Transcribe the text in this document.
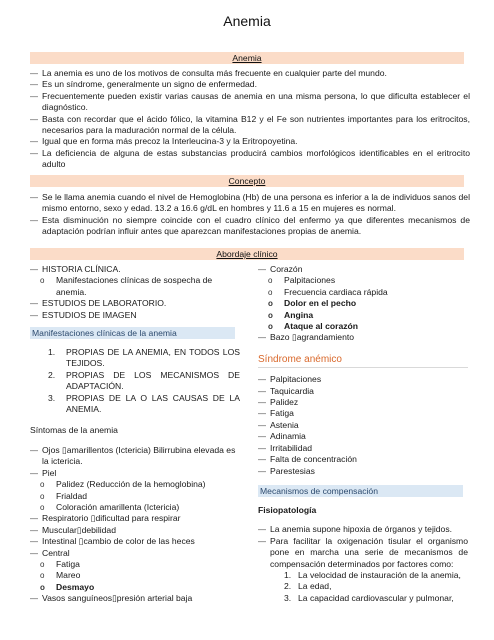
Anemia
Anemia
— La anemia es uno de los motivos de consulta más frecuente en cualquier parte del mundo.
— Es un síndrome, generalmente un signo de enfermedad.
— Frecuentemente pueden existir varias causas de anemia en una misma persona, lo que dificulta establecer el diagnóstico.
— Basta con recordar que el ácido fólico, la vitamina B12 y el Fe son nutrientes importantes para los eritrocitos, necesarios para la maduración normal de la célula.
— Igual que en forma más precoz la Interleucina-3 y la Eritropoyetina.
— La deficiencia de alguna de estas substancias producirá cambios morfológicos identificables en el eritrocito adulto
Concepto
— Se le llama anemia cuando el nivel de Hemoglobina (Hb) de una persona es inferior a la de individuos sanos del mismo entorno, sexo y edad. 13.2 a 16.6 g/dL en hombres y 11.6 a 15 en mujeres es normal.
— Esta disminución no siempre coincide con el cuadro clínico del enfermo ya que diferentes mecanismos de adaptación podrían influir antes que aparezcan manifestaciones propias de anemia.
Abordaje clínico
— HISTORIA CLÍNICA.
o Manifestaciones clínicas de sospecha de anemia.
— ESTUDIOS DE LABORATORIO.
— ESTUDIOS DE IMAGEN
Manifestaciones clínicas de la anemia
1. PROPIAS DE LA ANEMIA, EN TODOS LOS TEJIDOS.
2. PROPIAS DE LOS MECANISMOS DE ADAPTACIÓN.
3. PROPIAS DE LA O LAS CAUSAS DE LA ANEMIA.
Síntomas de la anemia
— Ojos ▯amarillentos (Ictericia) Bilirrubina elevada es la ictericia.
— Piel
o Palidez (Reducción de la hemoglobina)
o Frialdad
o Coloración amarillenta (Ictericia)
— Respiratorio ▯dificultad para respirar
— Muscular▯debilidad
— Intestinal ▯cambio de color de las heces
— Central
o Fatiga
o Mareo
o Desmayo
— Vasos sanguíneos▯presión arterial baja
— Corazón
o Palpitaciones
o Frecuencia cardiaca rápida
o Dolor en el pecho
o Angina
o Ataque al corazón
— Bazo ▯agrandamiento
Síndrome anémico
— Palpitaciones
— Taquicardia
— Palidez
— Fatiga
— Astenia
— Adinamia
— Irritabilidad
— Falta de concentración
— Parestesias
Mecanismos de compensación
Fisiopatología
— La anemia supone hipoxia de órganos y tejidos.
— Para facilitar la oxigenación tisular el organismo pone en marcha una serie de mecanismos de compensación determinados por factores como:
1. La velocidad de instauración de la anemia,
2. La edad,
3. La capacidad cardiovascular y pulmonar,
